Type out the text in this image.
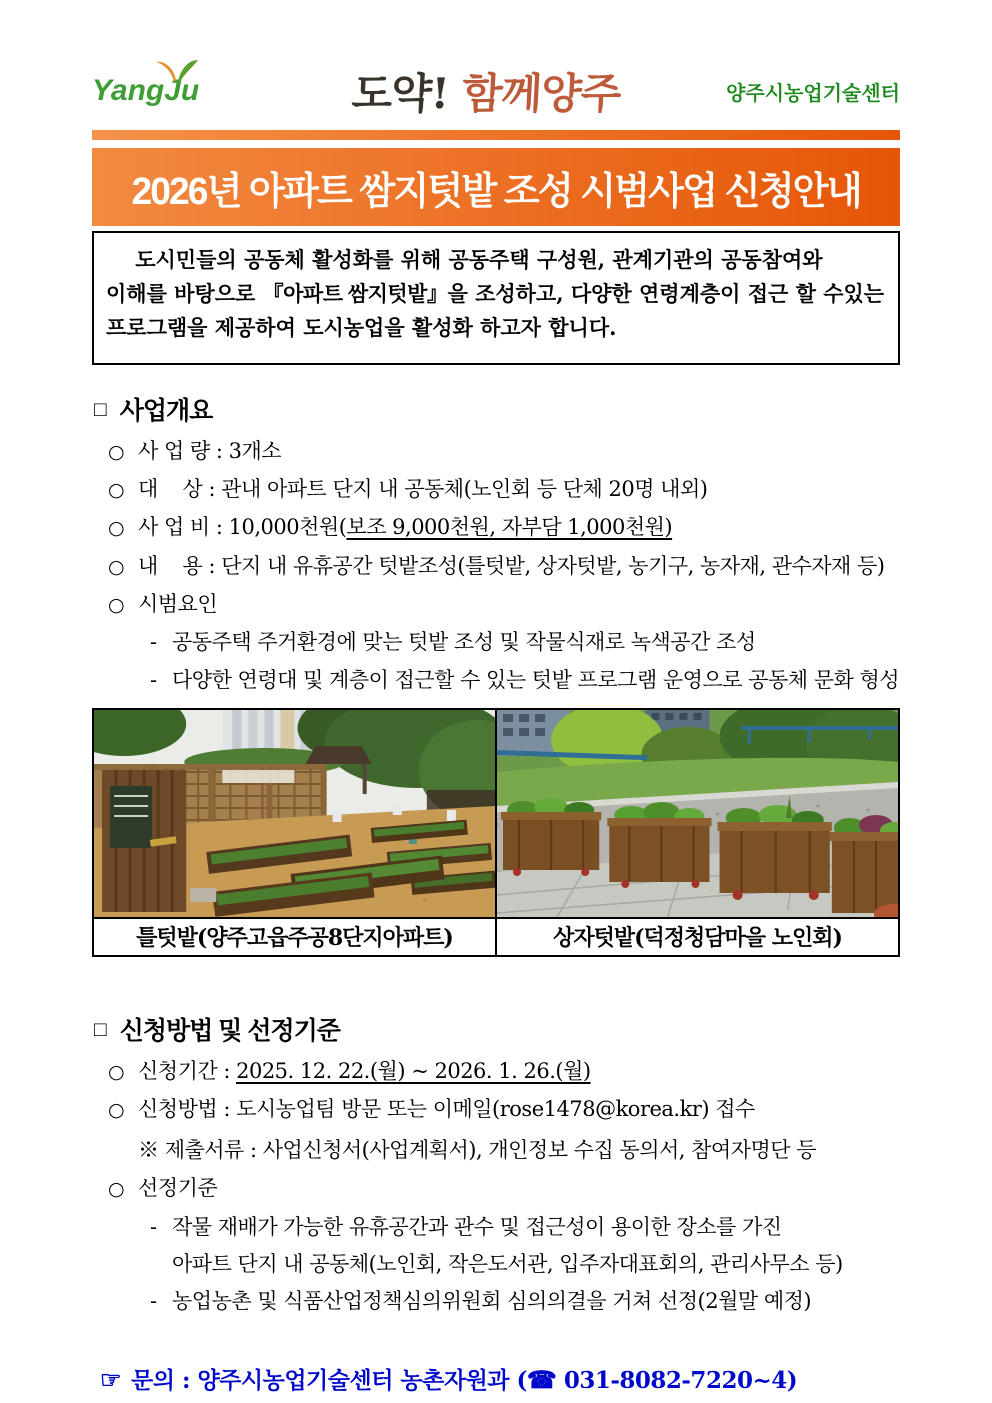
YangJu	도약! 함께양주	양주시농업기술센터
2026년 아파트 쌈지텃밭 조성 시범사업 신청안내

도시민들의 공동체 활성화를 위해 공동주택 구성원, 관계기관의 공동참여와 이해를 바탕으로 『아파트 쌈지텃밭』을 조성하고, 다양한 연령계층이 접근 할 수있는 프로그램을 제공하여 도시농업을 활성화 하고자 합니다.

□ 사업개요
○ 사 업 량 : 3개소
○ 대    상 : 관내 아파트 단지 내 공동체(노인회 등 단체 20명 내외)
○ 사 업 비 : 10,000천원(보조 9,000천원, 자부담 1,000천원)
○ 내    용 : 단지 내 유휴공간 텃밭조성(틀텃밭, 상자텃밭, 농기구, 농자재, 관수자재 등)
○ 시범요인
- 공동주택 주거환경에 맞는 텃밭 조성 및 작물식재로 녹색공간 조성
- 다양한 연령대 및 계층이 접근할 수 있는 텃밭 프로그램 운영으로 공동체 문화 형성

틀텃밭(양주고읍주공8단지아파트)	상자텃밭(덕정청담마을 노인회)
□ 신청방법 및 선정기준
○ 신청기간 : 2025. 12. 22.(월) ~ 2026. 1. 26.(월)
○ 신청방법 : 도시농업팀 방문 또는 이메일(rose1478@korea.kr) 접수
※ 제출서류 : 사업신청서(사업계획서), 개인정보 수집 동의서, 참여자명단 등
○ 선정기준
- 작물 재배가 가능한 유휴공간과 관수 및 접근성이 용이한 장소를 가진
아파트 단지 내 공동체(노인회, 작은도서관, 입주자대표회의, 관리사무소 등)
- 농업농촌 및 식품산업정책심의위원회 심의의결을 거쳐 선정(2월말 예정)
☞ 문의 : 양주시농업기술센터 농촌자원과 (☎ 031-8082-7220~4)
